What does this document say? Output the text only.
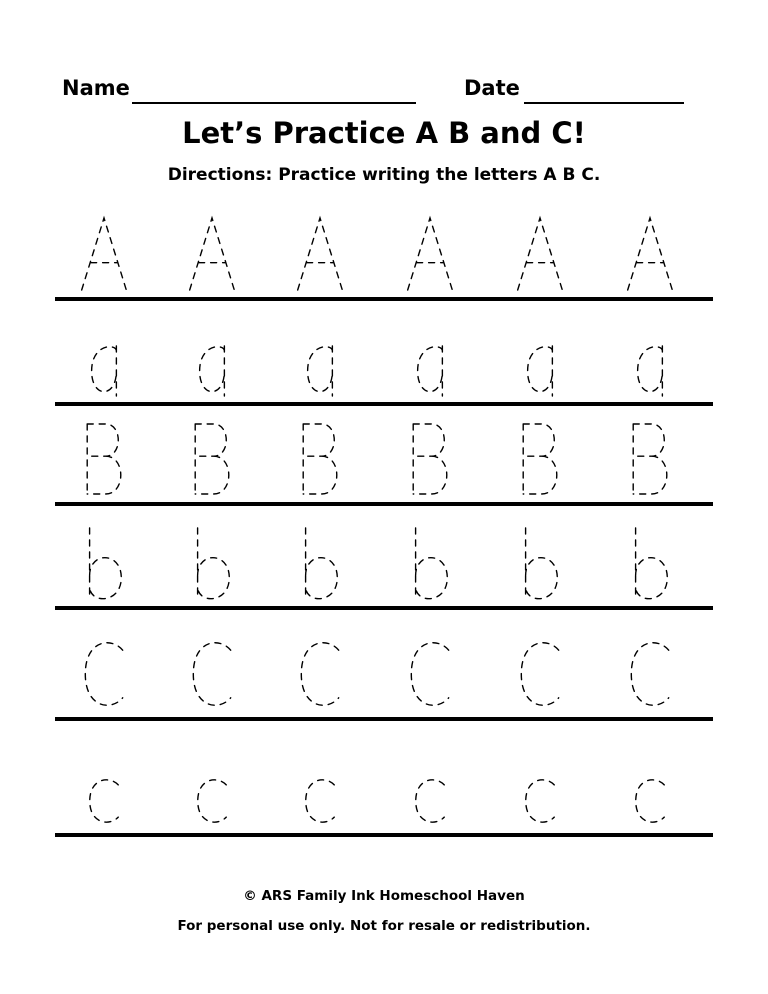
Name	Date
Let’s Practice A B and C!
Directions: Practice writing the letters A B C.
© ARS Family Ink Homeschool Haven
For personal use only. Not for resale or redistribution.
